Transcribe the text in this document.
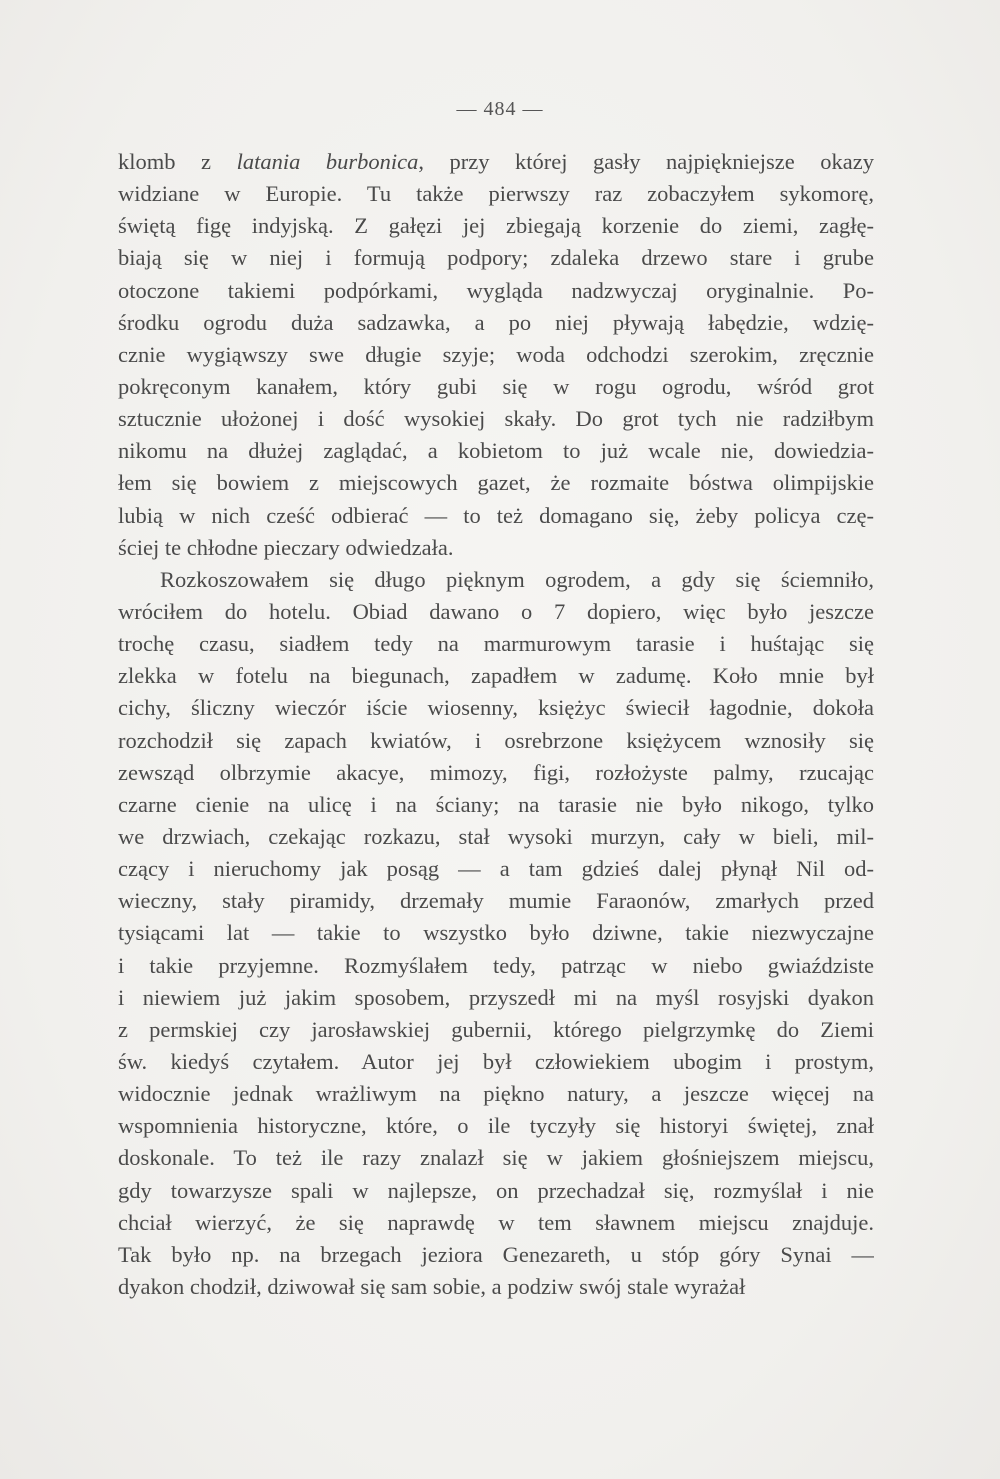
— 484 —
klomb z latania burbonica, przy której gasły najpiękniejsze okazy
widziane w Europie. Tu także pierwszy raz zobaczyłem sykomorę,
świętą figę indyjską. Z gałęzi jej zbiegają korzenie do ziemi, zagłę-
biają się w niej i formują podpory; zdaleka drzewo stare i grube
otoczone takiemi podpórkami, wygląda nadzwyczaj oryginalnie. Po-
środku ogrodu duża sadzawka, a po niej pływają łabędzie, wdzię-
cznie wygiąwszy swe długie szyje; woda odchodzi szerokim, zręcznie
pokręconym kanałem, który gubi się w rogu ogrodu, wśród grot
sztucznie ułożonej i dość wysokiej skały. Do grot tych nie radziłbym
nikomu na dłużej zaglądać, a kobietom to już wcale nie, dowiedzia-
łem się bowiem z miejscowych gazet, że rozmaite bóstwa olimpijskie
lubią w nich cześć odbierać — to też domagano się, żeby policya czę-
ściej te chłodne pieczary odwiedzała.
Rozkoszowałem się długo pięknym ogrodem, a gdy się ściemniło,
wróciłem do hotelu. Obiad dawano o 7 dopiero, więc było jeszcze
trochę czasu, siadłem tedy na marmurowym tarasie i huśtając się
zlekka w fotelu na biegunach, zapadłem w zadumę. Koło mnie był
cichy, śliczny wieczór iście wiosenny, księżyc świecił łagodnie, dokoła
rozchodził się zapach kwiatów, i osrebrzone księżycem wznosiły się
zewsząd olbrzymie akacye, mimozy, figi, rozłożyste palmy, rzucając
czarne cienie na ulicę i na ściany; na tarasie nie było nikogo, tylko
we drzwiach, czekając rozkazu, stał wysoki murzyn, cały w bieli, mil-
czący i nieruchomy jak posąg — a tam gdzieś dalej płynął Nil od-
wieczny, stały piramidy, drzemały mumie Faraonów, zmarłych przed
tysiącami lat — takie to wszystko było dziwne, takie niezwyczajne
i takie przyjemne. Rozmyślałem tedy, patrząc w niebo gwiaździste
i niewiem już jakim sposobem, przyszedł mi na myśl rosyjski dyakon
z permskiej czy jarosławskiej gubernii, którego pielgrzymkę do Ziemi
św. kiedyś czytałem. Autor jej był człowiekiem ubogim i prostym,
widocznie jednak wrażliwym na piękno natury, a jeszcze więcej na
wspomnienia historyczne, które, o ile tyczyły się historyi świętej, znał
doskonale. To też ile razy znalazł się w jakiem głośniejszem miejscu,
gdy towarzysze spali w najlepsze, on przechadzał się, rozmyślał i nie
chciał wierzyć, że się naprawdę w tem sławnem miejscu znajduje.
Tak było np. na brzegach jeziora Genezareth, u stóp góry Synai —
dyakon chodził, dziwował się sam sobie, a podziw swój stale wyrażał
